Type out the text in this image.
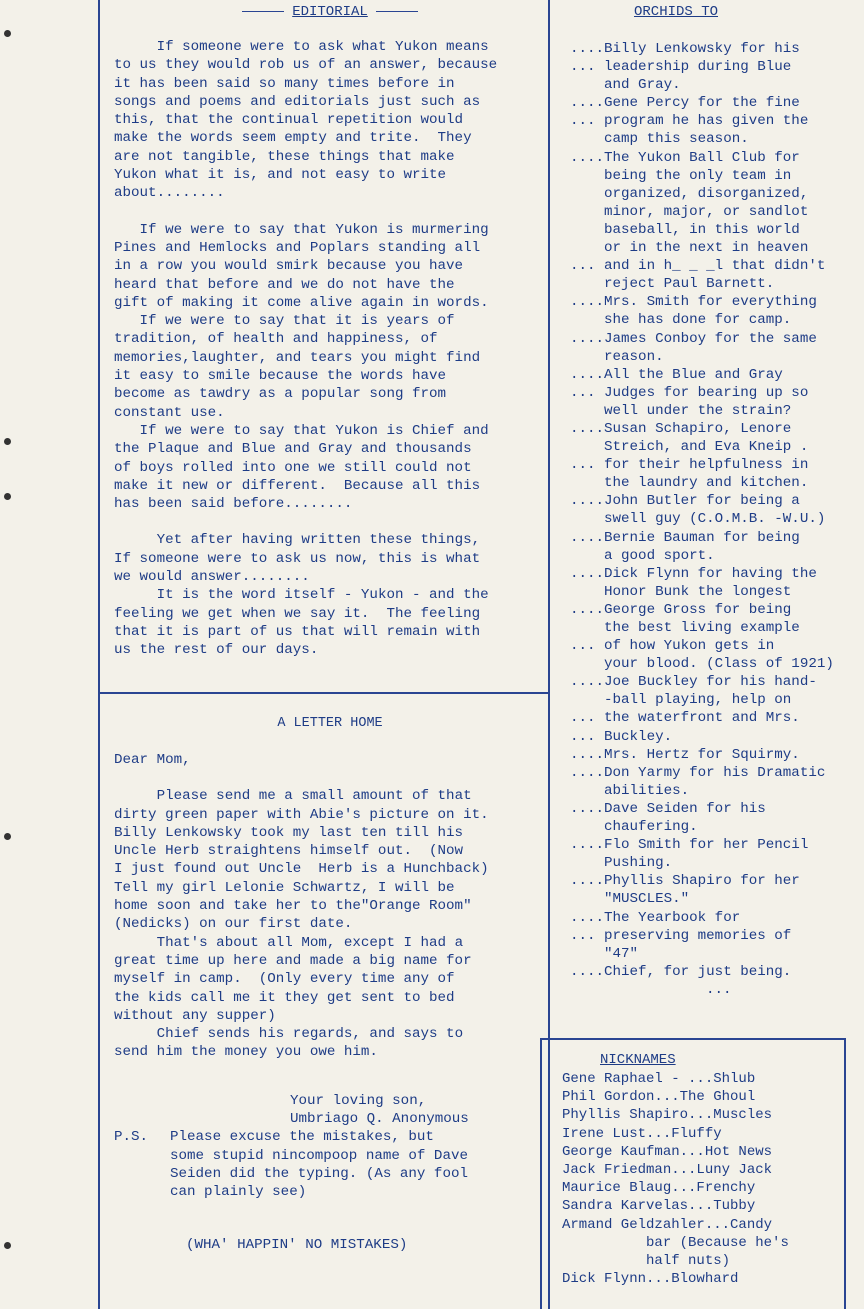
EDITORIAL

If someone were to ask what Yukon means
to us they would rob us of an answer, because
it has been said so many times before in
songs and poems and editorials just such as
this, that the continual repetition would
make the words seem empty and trite.  They
are not tangible, these things that make
Yukon what it is, and not easy to write
about........

If we were to say that Yukon is murmering
Pines and Hemlocks and Poplars standing all
in a row you would smirk because you have
heard that before and we do not have the
gift of making it come alive again in words.
If we were to say that it is years of
tradition, of health and happiness, of
memories,laughter, and tears you might find
it easy to smile because the words have
become as tawdry as a popular song from
constant use.
If we were to say that Yukon is Chief and
the Plaque and Blue and Gray and thousands
of boys rolled into one we still could not
make it new or different.  Because all this
has been said before........

Yet after having written these things,
If someone were to ask us now, this is what
we would answer........
It is the word itself - Yukon - and the
feeling we get when we say it.  The feeling
that it is part of us that will remain with
us the rest of our days.

A LETTER HOME

Dear Mom,

Please send me a small amount of that
dirty green paper with Abie's picture on it.
Billy Lenkowsky took my last ten till his
Uncle Herb straightens himself out.  (Now
I just found out Uncle  Herb is a Hunchback)
Tell my girl Lelonie Schwartz, I will be
home soon and take her to the"Orange Room"
(Nedicks) on our first date.
That's about all Mom, except I had a
great time up here and made a big name for
myself in camp.  (Only every time any of
the kids call me it they get sent to bed
without any supper)
Chief sends his regards, and says to
send him the money you owe him.

Your loving son,

Umbriago Q. Anonymous

P.S.	Please excuse the mistakes, but
some stupid nincompoop name of Dave
Seiden did the typing. (As any fool
can plainly see)

(WHA' HAPPIN' NO MISTAKES)

ORCHIDS TO

.... Billy Lenkowsky for his
... leadership during Blue
and Gray.
.... Gene Percy for the fine
... program he has given the
camp this season.
.... The Yukon Ball Club for
being the only team in
organized, disorganized,
minor, major, or sandlot
baseball, in this world
or in the next in heaven
... and in h_ _ _l that didn't
reject Paul Barnett.
.... Mrs. Smith for everything
she has done for camp.
.... James Conboy for the same
reason.
.... All the Blue and Gray
... Judges for bearing up so
well under the strain?
.... Susan Schapiro, Lenore
Streich, and Eva Kneip .
... for their helpfulness in
the laundry and kitchen.
.... John Butler for being a
swell guy (C.O.M.B. -W.U.)
.... Bernie Bauman for being
a good sport.
.... Dick Flynn for having the
Honor Bunk the longest
.... George Gross for being
the best living example
... of how Yukon gets in
your blood. (Class of 1921)
.... Joe Buckley for his hand-
-ball playing, help on
... the waterfront and Mrs.
... Buckley.
.... Mrs. Hertz for Squirmy.
.... Don Yarmy for his Dramatic
abilities.
.... Dave Seiden for his
chaufering.
.... Flo Smith for her Pencil
Pushing.
.... Phyllis Shapiro for her
"MUSCLES."
.... The Yearbook for
... preserving memories of
"47"
.... Chief, for just being.

...

NICKNAMES

Gene Raphael - ...Shlub

Phil Gordon...The Ghoul

Phyllis Shapiro...Muscles

Irene Lust...Fluffy

George Kaufman...Hot News

Jack Friedman...Luny Jack

Maurice Blaug...Frenchy

Sandra Karvelas...Tubby

Armand Geldzahler...Candy
bar (Because he's
half nuts)

Dick Flynn...Blowhard
